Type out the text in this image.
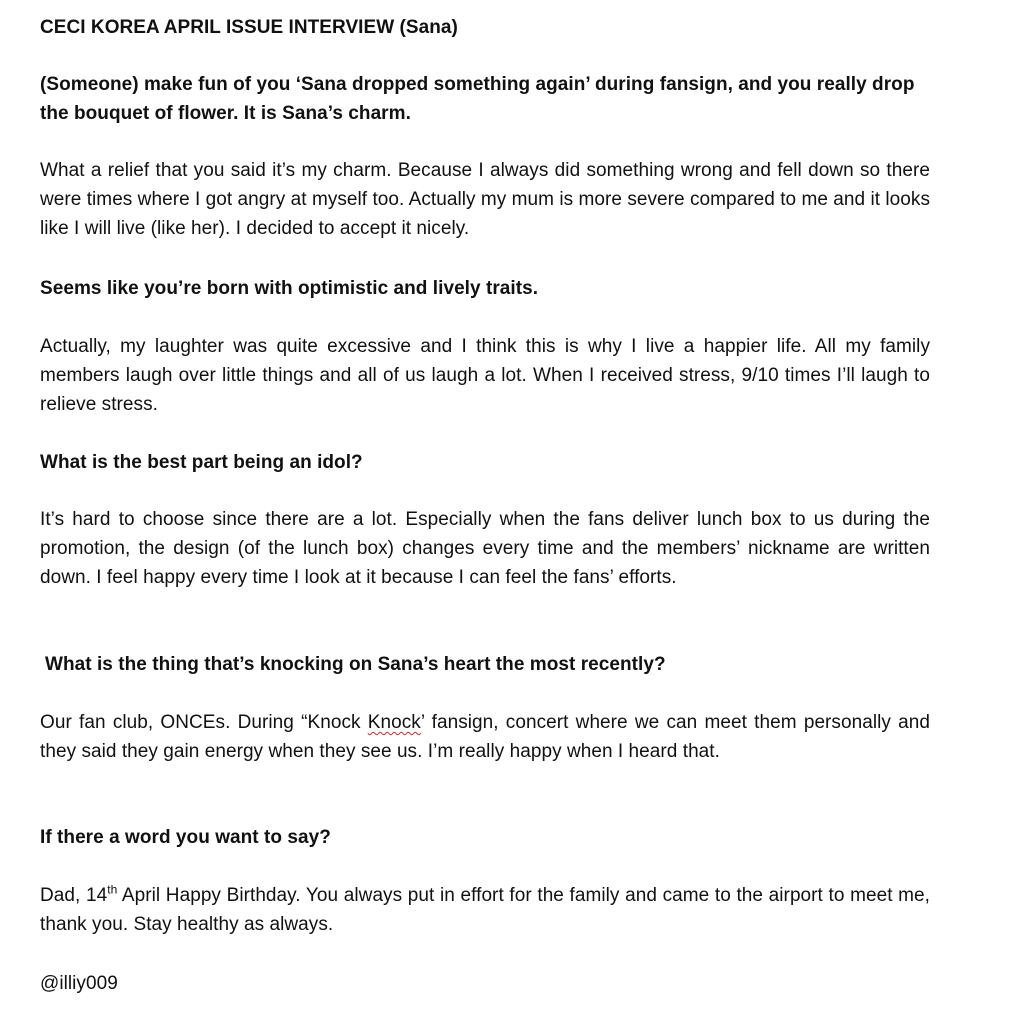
CECI KOREA APRIL ISSUE INTERVIEW (Sana)

(Someone) make fun of you ‘Sana dropped something again’ during fansign, and you really drop the bouquet of flower. It is Sana’s charm.

What a relief that you said it’s my charm. Because I always did something wrong and fell down so there were times where I got angry at myself too. Actually my mum is more severe compared to me and it looks like I will live (like her). I decided to accept it nicely.

Seems like you’re born with optimistic and lively traits.

Actually, my laughter was quite excessive and I think this is why I live a happier life. All my family members laugh over little things and all of us laugh a lot. When I received stress, 9/10 times I’ll laugh to relieve stress.

What is the best part being an idol?

It’s hard to choose since there are a lot. Especially when the fans deliver lunch box to us during the promotion, the design (of the lunch box) changes every time and the members’ nickname are written down. I feel happy every time I look at it because I can feel the fans’ efforts.

What is the thing that’s knocking on Sana’s heart the most recently?

Our fan club, ONCEs. During “Knock Knock’ fansign, concert where we can meet them personally and they said they gain energy when they see us. I’m really happy when I heard that.

If there a word you want to say?

Dad, 14th April Happy Birthday. You always put in effort for the family and came to the airport to meet me, thank you. Stay healthy as always.

@illiy009
